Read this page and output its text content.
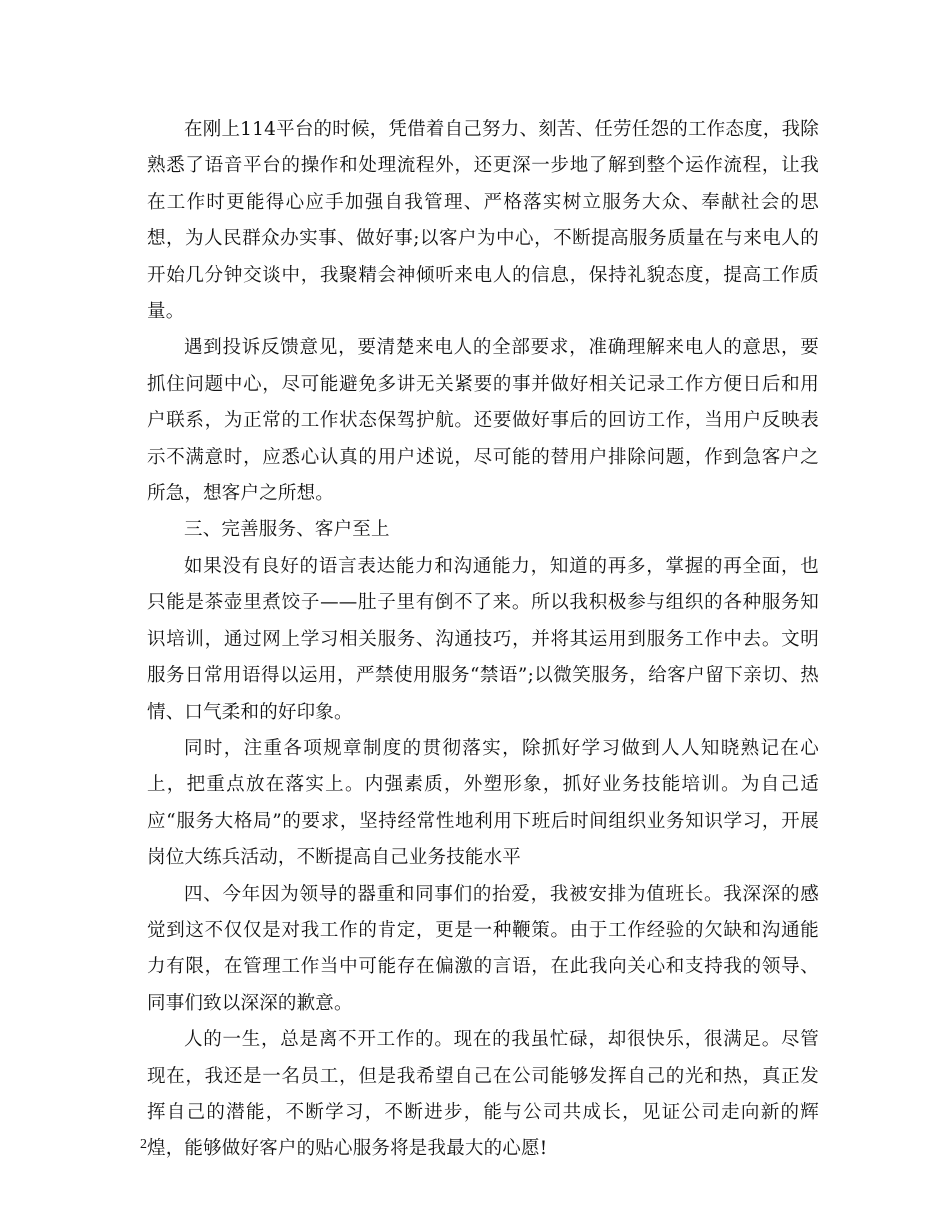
在刚上114平台的时候，凭借着自己努力、刻苦、任劳任怨的工作态度，我除熟悉了语音平台的操作和处理流程外，还更深一步地了解到整个运作流程，让我在工作时更能得心应手加强自我管理、严格落实树立服务大众、奉献社会的思想，为人民群众办实事、做好事;以客户为中心，不断提高服务质量在与来电人的开始几分钟交谈中，我聚精会神倾听来电人的信息，保持礼貌态度，提高工作质量。

遇到投诉反馈意见，要清楚来电人的全部要求，准确理解来电人的意思，要抓住问题中心，尽可能避免多讲无关紧要的事并做好相关记录工作方便日后和用户联系，为正常的工作状态保驾护航。还要做好事后的回访工作，当用户反映表示不满意时，应悉心认真的用户述说，尽可能的替用户排除问题，作到急客户之所急，想客户之所想。

三、完善服务、客户至上

如果没有良好的语言表达能力和沟通能力，知道的再多，掌握的再全面，也只能是茶壶里煮饺子——肚子里有倒不了来。所以我积极参与组织的各种服务知识培训，通过网上学习相关服务、沟通技巧，并将其运用到服务工作中去。文明服务日常用语得以运用，严禁使用服务“禁语”;以微笑服务，给客户留下亲切、热情、口气柔和的好印象。

同时，注重各项规章制度的贯彻落实，除抓好学习做到人人知晓熟记在心上，把重点放在落实上。内强素质，外塑形象，抓好业务技能培训。为自己适应“服务大格局”的要求，坚持经常性地利用下班后时间组织业务知识学习，开展岗位大练兵活动，不断提高自己业务技能水平

四、今年因为领导的器重和同事们的抬爱，我被安排为值班长。我深深的感觉到这不仅仅是对我工作的肯定，更是一种鞭策。由于工作经验的欠缺和沟通能力有限，在管理工作当中可能存在偏激的言语，在此我向关心和支持我的领导、同事们致以深深的歉意。

人的一生，总是离不开工作的。现在的我虽忙碌，却很快乐，很满足。尽管现在，我还是一名员工，但是我希望自己在公司能够发挥自己的光和热，真正发挥自己的潜能，不断学习，不断进步，能与公司共成长，见证公司走向新的辉煌，能够做好客户的贴心服务将是我最大的心愿!

2
